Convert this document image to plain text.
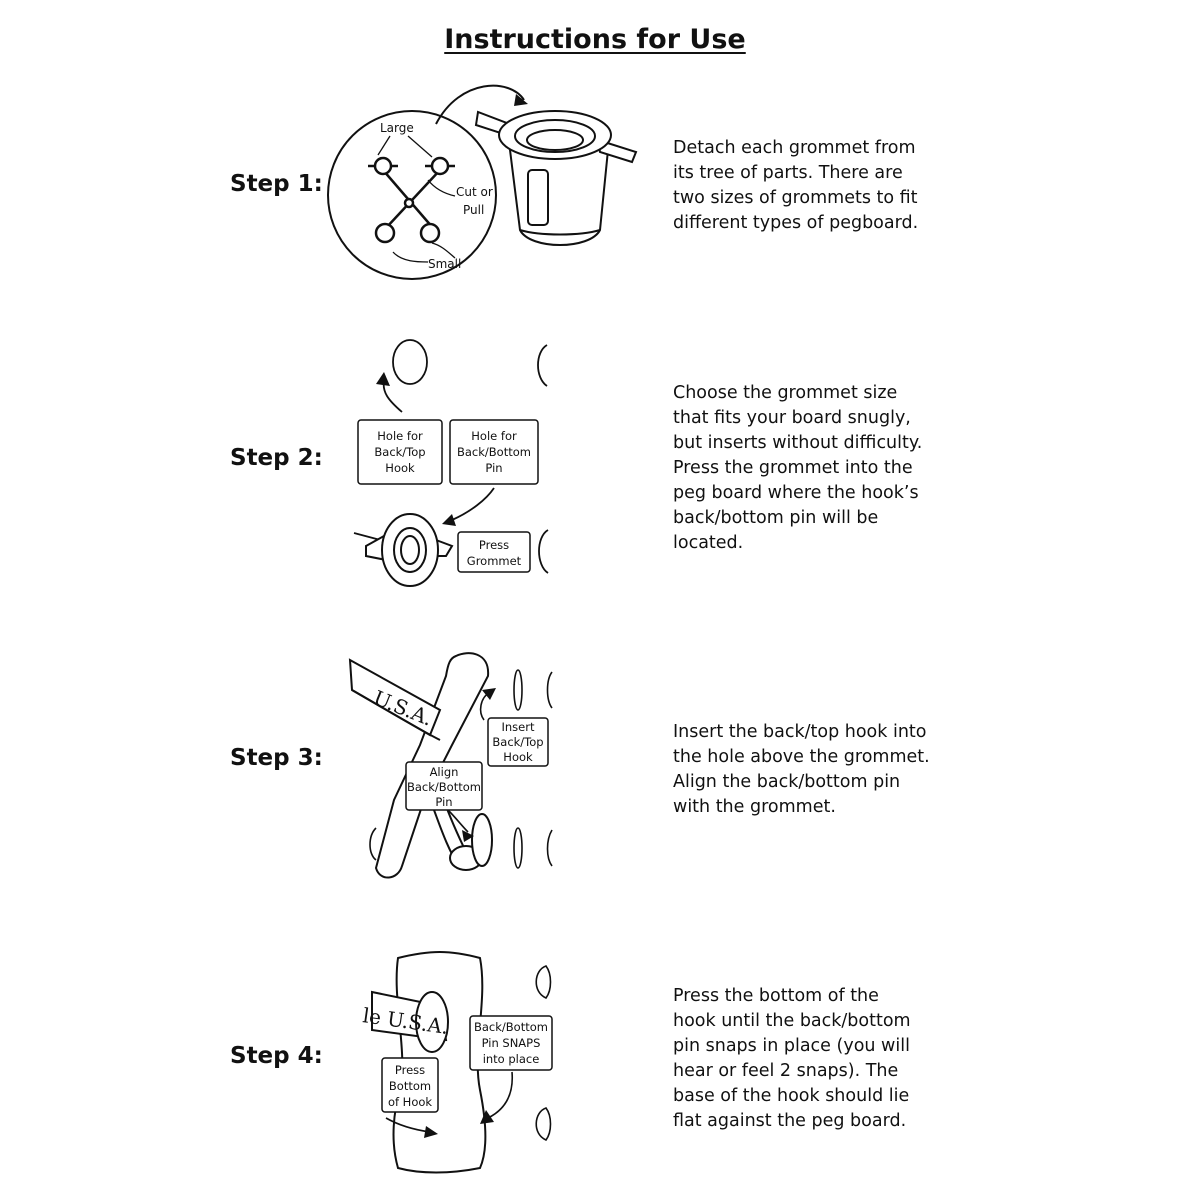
Instructions for Use
Step 1:
Detach each grommet from
its tree of parts. There are
two sizes of grommets to fit
different types of pegboard.
Large
Cut or
Pull
Small
Step 2:
Choose the grommet size
that fits your board snugly,
but inserts without difficulty.
Press the grommet into the
peg board where the hook’s
back/bottom pin will be
located.
Hole for
Back/Top
Hook
Hole for
Back/Bottom
Pin
Press
Grommet
Step 3:
Insert the back/top hook into
the hole above the grommet.
Align the back/bottom pin
with the grommet.
U.S.A.	Insert
Back/Top
Hook
Align
Back/Bottom
Pin
Step 4:
Press the bottom of the
hook until the back/bottom
pin snaps in place (you will
hear or feel 2 snaps). The
base of the hook should lie
flat against the peg board.
le U.S.A. Back/Bottom
Pin SNAPS
into place
Press
Bottom
of Hook
